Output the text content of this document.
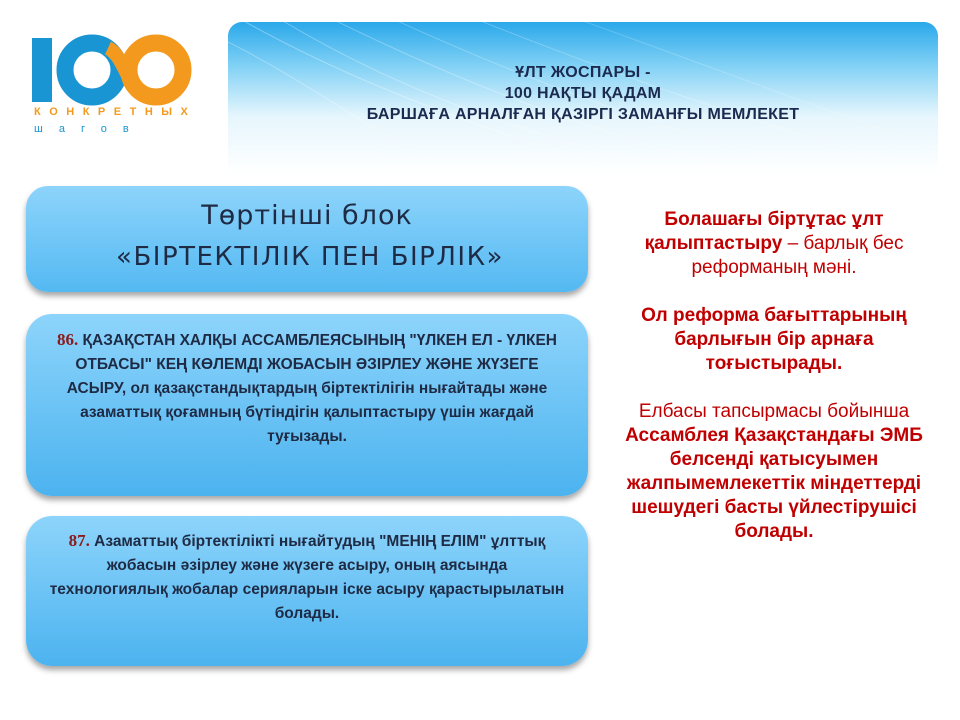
ҰЛТ ЖОСПАРЫ -
100 НАҚТЫ ҚАДАМ
БАРШАҒА АРНАЛҒАН ҚАЗІРГІ ЗАМАНҒЫ МЕМЛЕКЕТ
КОНКРЕТНЫХ
шагов
Төртінші блок
«БІРТЕКТІЛІК ПЕН БІРЛІК»
86. ҚАЗАҚСТАН ХАЛҚЫ АССАМБЛЕЯСЫНЫҢ "ҮЛКЕН ЕЛ - ҮЛКЕН ОТБАСЫ" КЕҢ КӨЛЕМДІ ЖОБАСЫН ӘЗІРЛЕУ ЖӘНЕ ЖҮЗЕГЕ АСЫРУ, ол қазақстандықтардың біртектілігін нығайтады және азаматтық қоғамның бүтіндігін қалыптастыру үшін жағдай туғызады.
87. Азаматтық біртектілікті нығайтудың "МЕНІҢ ЕЛІМ" ұлттық жобасын әзірлеу және жүзеге асыру, оның аясында технологиялық жобалар серияларын іске асыру қарастырылатын болады.

Болашағы біртұтас ұлт қалыптастыру – барлық бес реформаның мәні.

Ол реформа бағыттарының барлығын бір арнаға тоғыстырады.

Елбасы тапсырмасы бойынша Ассамблея Қазақстандағы ЭМБ белсенді қатысуымен жалпымемлекеттік міндеттерді шешудегі басты үйлестірушісі болады.
